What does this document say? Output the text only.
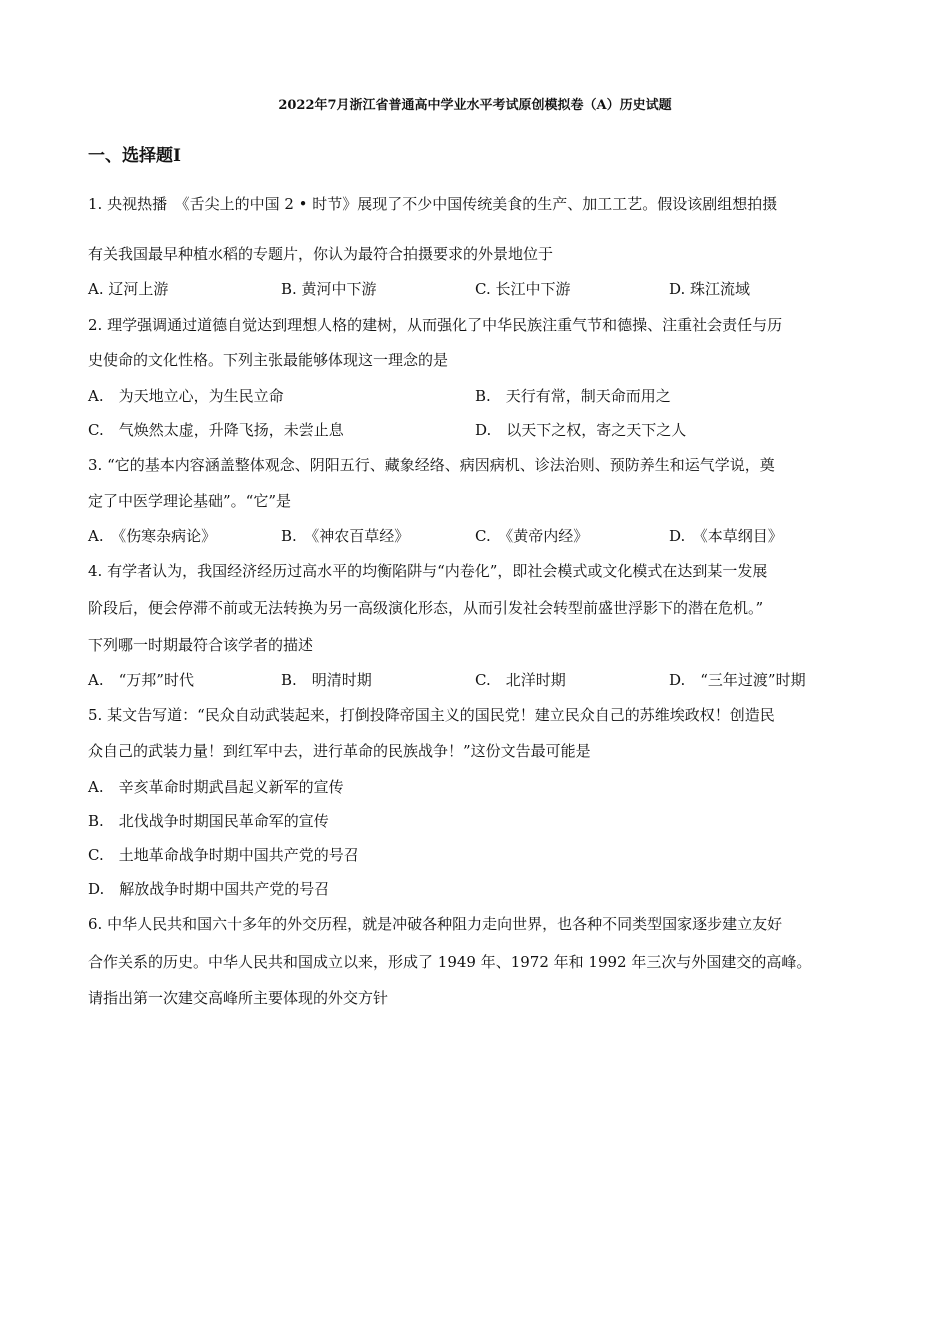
2022年7月浙江省普通高中学业水平考试原创模拟卷（A）历史试题
一、选择题Ⅰ
1. 央视热播　《舌尖上的中国 2 • 时节》展现了不少中国传统美食的生产、加工工艺。假设该剧组想拍摄
有关我国最早种植水稻的专题片，你认为最符合拍摄要求的外景地位于
A. 辽河上游	B. 黄河中下游	C. 长江中下游	D. 珠江流域
2. 理学强调通过道德自觉达到理想人格的建树，从而强化了中华民族注重气节和德操、注重社会责任与历
史使命的文化性格。下列主张最能够体现这一理念的是
A.　为天地立心，为生民立命	B.　天行有常，制天命而用之
C.　气焕然太虚，升降飞扬，未尝止息	D.　以天下之权，寄之天下之人
3. “它的基本内容涵盖整体观念、阴阳五行、藏象经络、病因病机、诊法治则、预防养生和运气学说，奠
定了中医学理论基础”。“它”是
A.　《伤寒杂病论》	B.　《神农百草经》	C.　《黄帝内经》	D.　《本草纲目》
4. 有学者认为，我国经济经历过高水平的均衡陷阱与“内卷化”，即社会模式或文化模式在达到某一发展
阶段后，便会停滞不前或无法转换为另一高级演化形态，从而引发社会转型前盛世浮影下的潜在危机。”
下列哪一时期最符合该学者的描述
A.　“万邦”时代	B.　明清时期	C.　北洋时期	D.　“三年过渡”时期
5. 某文告写道：“民众自动武装起来，打倒投降帝国主义的国民党！建立民众自己的苏维埃政权！创造民
众自己的武装力量！到红军中去，进行革命的民族战争！”这份文告最可能是
A.　辛亥革命时期武昌起义新军的宣传
B.　北伐战争时期国民革命军的宣传
C.　土地革命战争时期中国共产党的号召
D.　解放战争时期中国共产党的号召
6. 中华人民共和国六十多年的外交历程，就是冲破各种阻力走向世界，也各种不同类型国家逐步建立友好
合作关系的历史。中华人民共和国成立以来，形成了 1949 年、1972 年和 1992 年三次与外国建交的高峰。
请指出第一次建交高峰所主要体现的外交方针
